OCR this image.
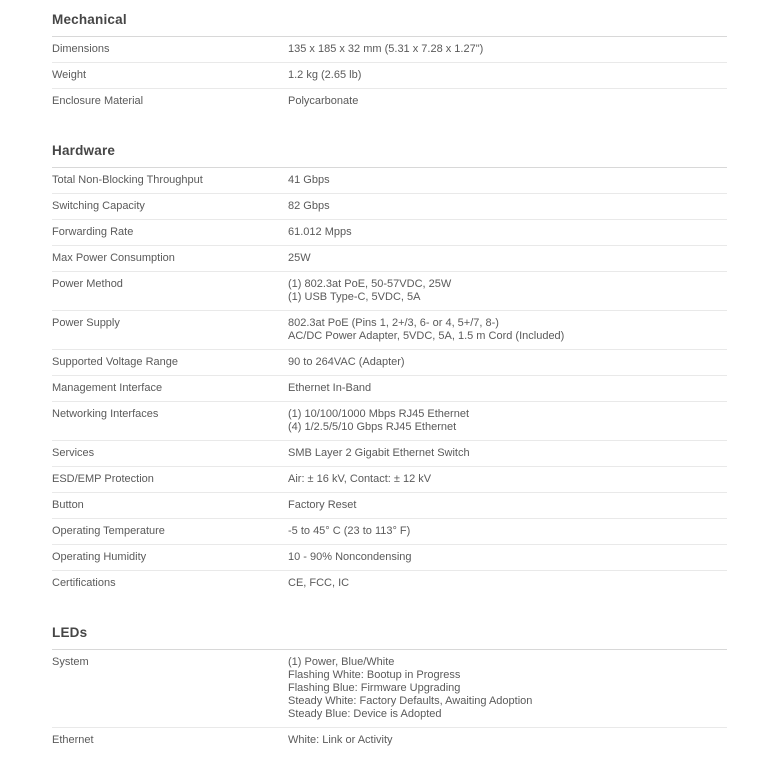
Mechanical
Dimensions	135 x 185 x 32 mm (5.31 x 7.28 x 1.27")
Weight	1.2 kg (2.65 lb)
Enclosure Material	Polycarbonate
Hardware
Total Non-Blocking Throughput	41 Gbps
Switching Capacity	82 Gbps
Forwarding Rate	61.012 Mpps
Max Power Consumption	25W
Power Method	(1) 802.3at PoE, 50-57VDC, 25W
(1) USB Type-C, 5VDC, 5A
Power Supply	802.3at PoE (Pins 1, 2+/3, 6- or 4, 5+/7, 8-)
AC/DC Power Adapter, 5VDC, 5A, 1.5 m Cord (Included)
Supported Voltage Range	90 to 264VAC (Adapter)
Management Interface	Ethernet In-Band
Networking Interfaces	(1) 10/100/1000 Mbps RJ45 Ethernet
(4) 1/2.5/5/10 Gbps RJ45 Ethernet
Services	SMB Layer 2 Gigabit Ethernet Switch
ESD/EMP Protection	Air: ± 16 kV, Contact: ± 12 kV
Button	Factory Reset
Operating Temperature	-5 to 45° C (23 to 113° F)
Operating Humidity	10 - 90% Noncondensing
Certifications	CE, FCC, IC
LEDs
System	(1) Power, Blue/White
Flashing White: Bootup in Progress
Flashing Blue: Firmware Upgrading
Steady White: Factory Defaults, Awaiting Adoption
Steady Blue: Device is Adopted
Ethernet	White: Link or Activity
